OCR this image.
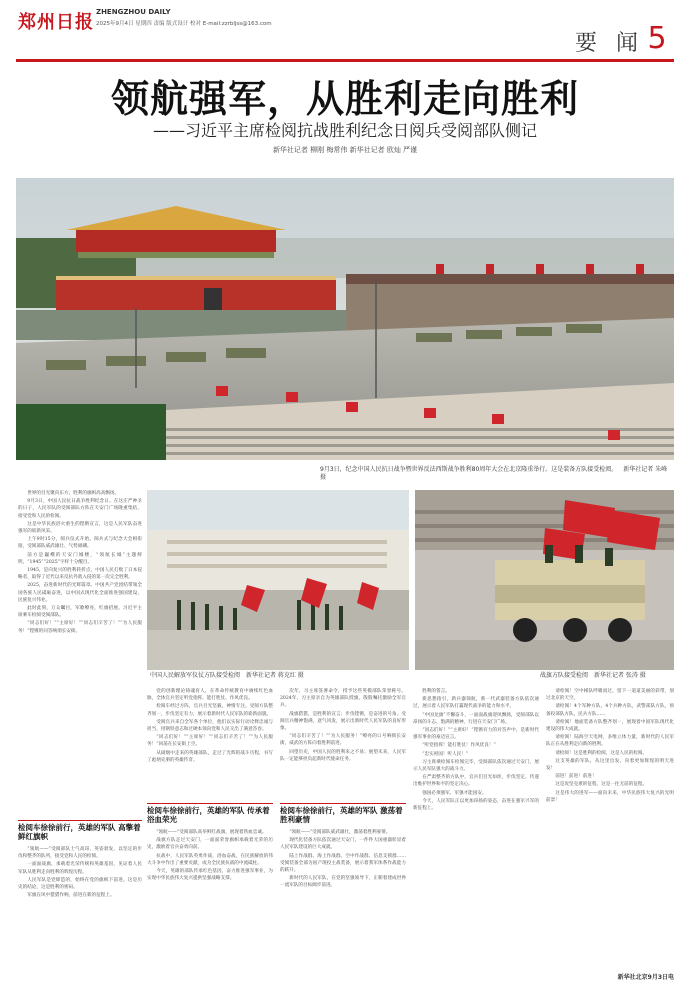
郑州日报 ZHENGZHOU DAILY
2025年9月4日 星期四 责编 版式设计 校对 E-mail:zzrbljss@163.com
要 闻 5
领航强军，从胜利走向胜利
——习近平主席检阅抗战胜利纪念日阅兵受阅部队侧记
新华社记者 柳刚 梅常伟 新华社记者 欧灿 严谨
9月3日，纪念中国人民抗日战争暨世界反法西斯战争胜利80周年大会在北京隆重举行。这是装备方队接受检阅。 新华社记者 朱峰 摄
中国人民解放军仪仗方队接受检阅 新华社记者 蒋克红 摄	战旗方队接受检阅 新华社记者 张涛 摄

世界的目光聚向东方，胜利的旗帜高高飘扬。

9月3日，中国人民抗日战争胜利纪念日。在这庄严神圣的日子，人民军队的受阅部队方阵在天安门广场隆重集结，接受党和人民的检阅。

这是中华民族浴火重生的铿锵宣言，这是人民军队奋进强军的崭新风采。

上午9时15分，阅兵仪式开始。阅兵式与纪念大会相衔接，受阅部队威武雄壮、气势磅礴。

前方是巍峨的天安门城楼，“领航长城”主题鲜明，“1945”“2025”字样十分醒目。

1945，是向复兴的胜利转折点，中国人民打败了日本侵略者，取得了近代以来反抗外敌入侵的第一次完全胜利。

2025，奋进新时代的光辉篇章。中国共产党团结带领全国各族人民砥砺奋进，以中国式现代化全面推进强国建设、民族复兴伟业。

此时此刻，万众瞩目，军歌嘹亮，红旗招展。习近平主席乘车检阅受阅部队。

“同志们好！”“主席好！”“同志们辛苦了！”“为人民服务！”铿锵的问答响彻长安街。

检阅车徐徐前行，英雄的军队 高擎着鲜红旗帜

“领航——”受阅部队士气高昂，英姿勃发，以坚定的步伐和整齐的队列，接受党和人民的检阅。

一面面战旗，承载着光荣传统和英雄基因，见证着人民军队从胜利走向胜利的辉煌历程。

人民军队是党缔造的，始终在党的旗帜下前进。这是历史的结论，这是胜利的密码。

军旗在风中猎猎作响，前进在新的征程上。

党的创新理论铸魂育人，在革命传统教育中赓续红色血脉，全体官兵坚定听党指挥、能打胜仗、作风优良。

检阅车经过方阵，官兵目光坚毅，神情专注。受阅方队整齐划一，步伐坚定有力，展示着新时代人民军队的崭新面貌。

受阅官兵来自全军各个单位，他们以实际行动诠释忠诚与担当，用钢铁意志和过硬本领向党和人民交出了满意答卷。

“同志们好！”“主席好！”“同志们辛苦了！”“为人民服务！”回荡在长安街上空。

从硝烟中走来的英雄部队，走过了光辉的战斗历程，书写了彪炳史册的英雄传奇。

检阅车徐徐前行，英雄的军队 传承着浴血荣光

“领航——”受阅部队高举鲜红战旗，展现着铁血忠诚。

战旗方队走过天安门，一面面荣誉旗帜承载着光荣的历史，激励着官兵奋勇向前。

抗战中，人民军队英勇作战，浴血奋战，在民族解放的伟大斗争中作出了重要贡献，成为全民族抗战的中流砥柱。

今天，英雄的部队传承红色基因，奋力推进强军事业，为实现中华民族伟大复兴提供坚强战略支撑。

次年，习主席签署命令，授予这些英模部队荣誉称号。2024年，习主席亲自为英雄部队授旗，殷殷嘱托激励全军官兵。

战旗猎猎，是胜利的宣言；步伐铿锵，是奋进的号角。受阅官兵精神饱满，意气风发，展示出新时代人民军队的良好形象。

“同志们辛苦了！”“为人民服务！”嘹亮的口号响彻长安街，威武的方阵向着胜利前进。

回望历史，中国人民的胜利来之不易；展望未来，人民军队一定能够担负起新时代使命任务。

检阅车徐徐前行，英雄的军队 激荡着胜利豪情

“领航——”受阅部队威武雄壮，激荡着胜利豪情。

现代化装备方队依次通过天安门，一件件大国重器彰显着人民军队建设的巨大成就。

陆上作战群、海上作战群、空中作战群、信息支援群……受阅装备全部为国产现役主战装备，展示着我军体系作战能力的跃升。

新时代的人民军队，在党的坚强领导下，正朝着建成世界一流军队的目标阔步前进。

胜利的誓言。

新思想指引，新兵器领航，新一代武器装备方队依次通过，展示着人民军队打赢现代战争的能力和水平。

“中国龙旗”不懈奋斗，一面面战旗迎风飘扬，受阅部队以昂扬的斗志、饱满的精神，行进在天安门广场。

“同志们好！”“主席好！”铿锵有力的对答声中，是新时代强军事业的豪迈宣言。

“听党指挥！能打胜仗！作风优良！”

“忠实祖国！听人民！”

习主席乘检阅车检阅完毕，受阅部队依次通过天安门，展示人民军队强大的战斗力。

在严肃整齐的方队中，官兵们目光如炬，步伐坚定，传递出维护世界和平的坚定决心。

强国必须强军，军强才能国安。

今天，人民军队正以更加昂扬的姿态，奋进在强军兴军的新征程上。

请检阅！空中梯队呼啸而过，留下一道道美丽的彩带，划过北京的天空。

请检阅！4个军种方队，4个兵种方队，武警部队方队，预备役部队方队，民兵方队……

请检阅！地面装备方队整齐划一，展现着中国军队现代化建设的伟大成就。

请检阅！陆海空天电网，多维立体力量，新时代的人民军队正在从胜利走向新的胜利。

请检阅！这是胜利的检阅，这是人民的检阅。

这支英雄的军队，从这里出发，向着更加辉煌的明天进发！

前进！前进！前进！

这是攻坚克难的征程，这是一往无前的征程。

这是伟大的进军——面向未来，中华民族伟大复兴的光明前景！

新华社北京9月3日电
